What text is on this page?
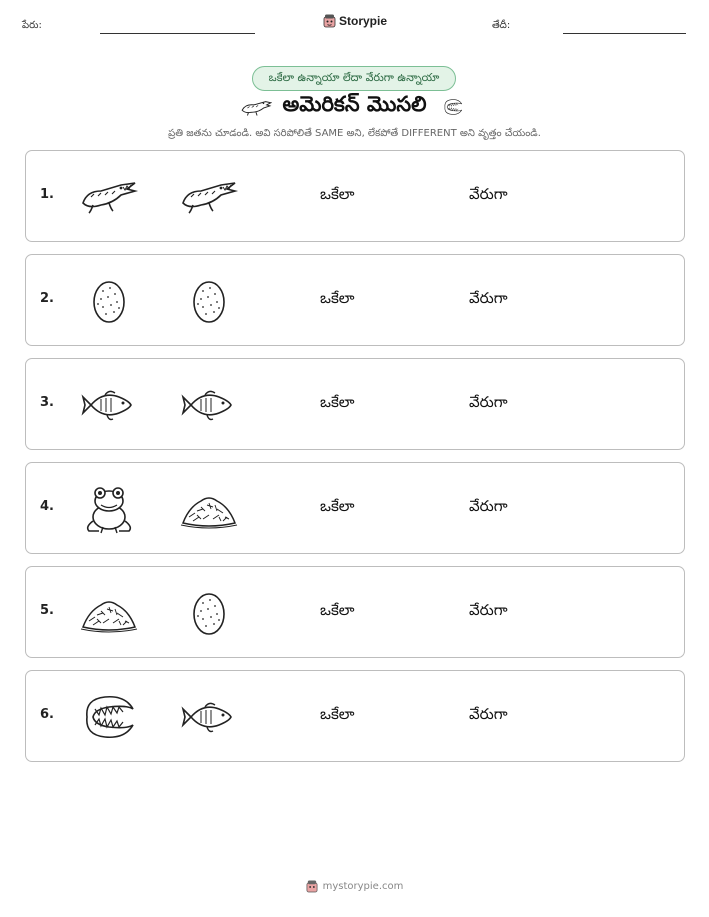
పేరు:	Storypie	తేదీ:
ఒకేలా ఉన్నాయా లేదా వేరుగా ఉన్నాయా
అమెరికన్ మొసలి
ప్రతి జతను చూడండి. అవి సరిపోలితే SAME అని, లేకపోతే DIFFERENT అని వృత్తం చేయండి.
1.	ఒకేలా	వేరుగా
2.	ఒకేలా	వేరుగా
3.	ఒకేలా	వేరుగా
4.	ఒకేలా	వేరుగా
5.	ఒకేలా	వేరుగా
6.	ఒకేలా	వేరుగా
mystorypie.com
